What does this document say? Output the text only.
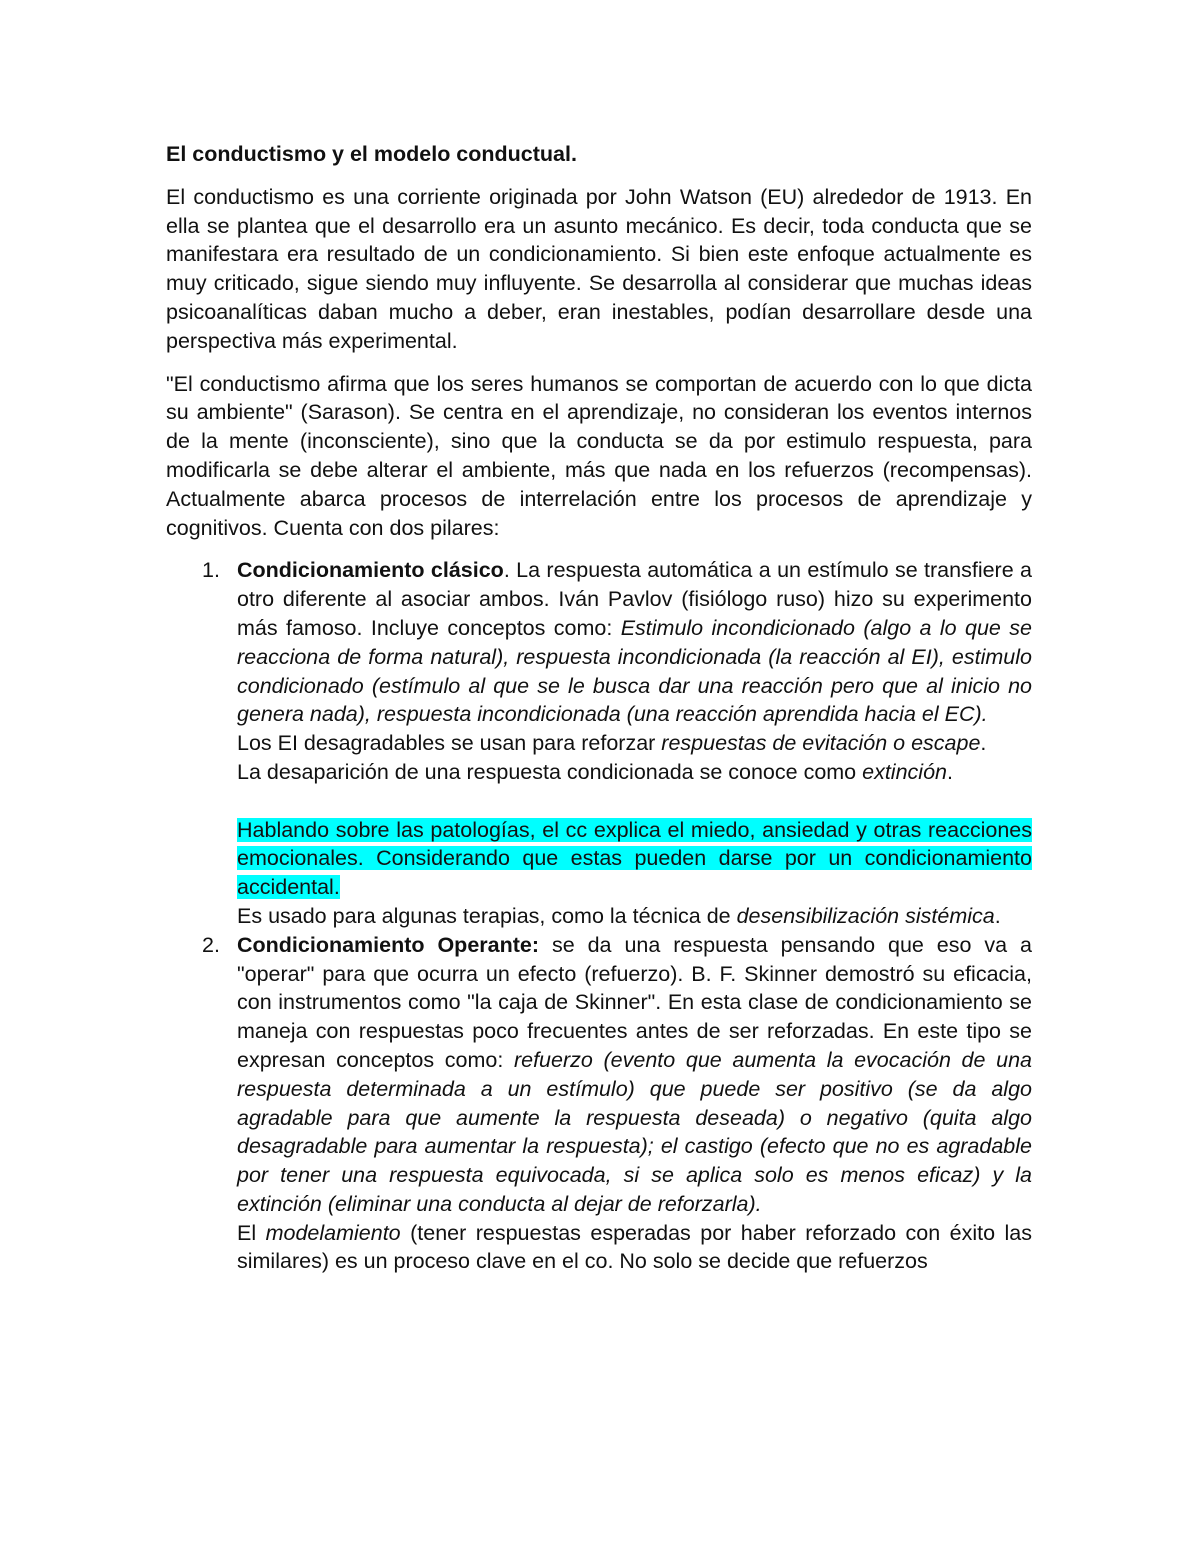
El conductismo y el modelo conductual.

El conductismo es una corriente originada por John Watson (EU) alrededor de 1913. En ella se plantea que el desarrollo era un asunto mecánico. Es decir, toda conducta que se manifestara era resultado de un condicionamiento. Si bien este enfoque actualmente es muy criticado, sigue siendo muy influyente. Se desarrolla al considerar que muchas ideas psicoanalíticas daban mucho a deber, eran inestables, podían desarrollare desde una perspectiva más experimental.

"El conductismo afirma que los seres humanos se comportan de acuerdo con lo que dicta su ambiente" (Sarason). Se centra en el aprendizaje, no consideran los eventos internos de la mente (inconsciente), sino que la conducta se da por estimulo respuesta, para modificarla se debe alterar el ambiente, más que nada en los refuerzos (recompensas). Actualmente abarca procesos de interrelación entre los procesos de aprendizaje y cognitivos. Cuenta con dos pilares:

1. Condicionamiento clásico. La respuesta automática a un estímulo se transfiere a otro diferente al asociar ambos. Iván Pavlov (fisiólogo ruso) hizo su experimento más famoso. Incluye conceptos como: Estimulo incondicionado (algo a lo que se reacciona de forma natural), respuesta incondicionada (la reacción al EI), estimulo condicionado (estímulo al que se le busca dar una reacción pero que al inicio no genera nada), respuesta incondicionada (una reacción aprendida hacia el EC).

Los EI desagradables se usan para reforzar respuestas de evitación o escape.

La desaparición de una respuesta condicionada se conoce como extinción.

Hablando sobre las patologías, el cc explica el miedo, ansiedad y otras reacciones emocionales. Considerando que estas pueden darse por un condicionamiento accidental.

Es usado para algunas terapias, como la técnica de desensibilización sistémica.

2. Condicionamiento Operante: se da una respuesta pensando que eso va a "operar" para que ocurra un efecto (refuerzo). B. F. Skinner demostró su eficacia, con instrumentos como "la caja de Skinner". En esta clase de condicionamiento se maneja con respuestas poco frecuentes antes de ser reforzadas. En este tipo se expresan conceptos como: refuerzo (evento que aumenta la evocación de una respuesta determinada a un estímulo) que puede ser positivo (se da algo agradable para que aumente la respuesta deseada) o negativo (quita algo desagradable para aumentar la respuesta); el castigo (efecto que no es agradable por tener una respuesta equivocada, si se aplica solo es menos eficaz) y la extinción (eliminar una conducta al dejar de reforzarla).

El modelamiento (tener respuestas esperadas por haber reforzado con éxito las similares) es un proceso clave en el co. No solo se decide que refuerzos
